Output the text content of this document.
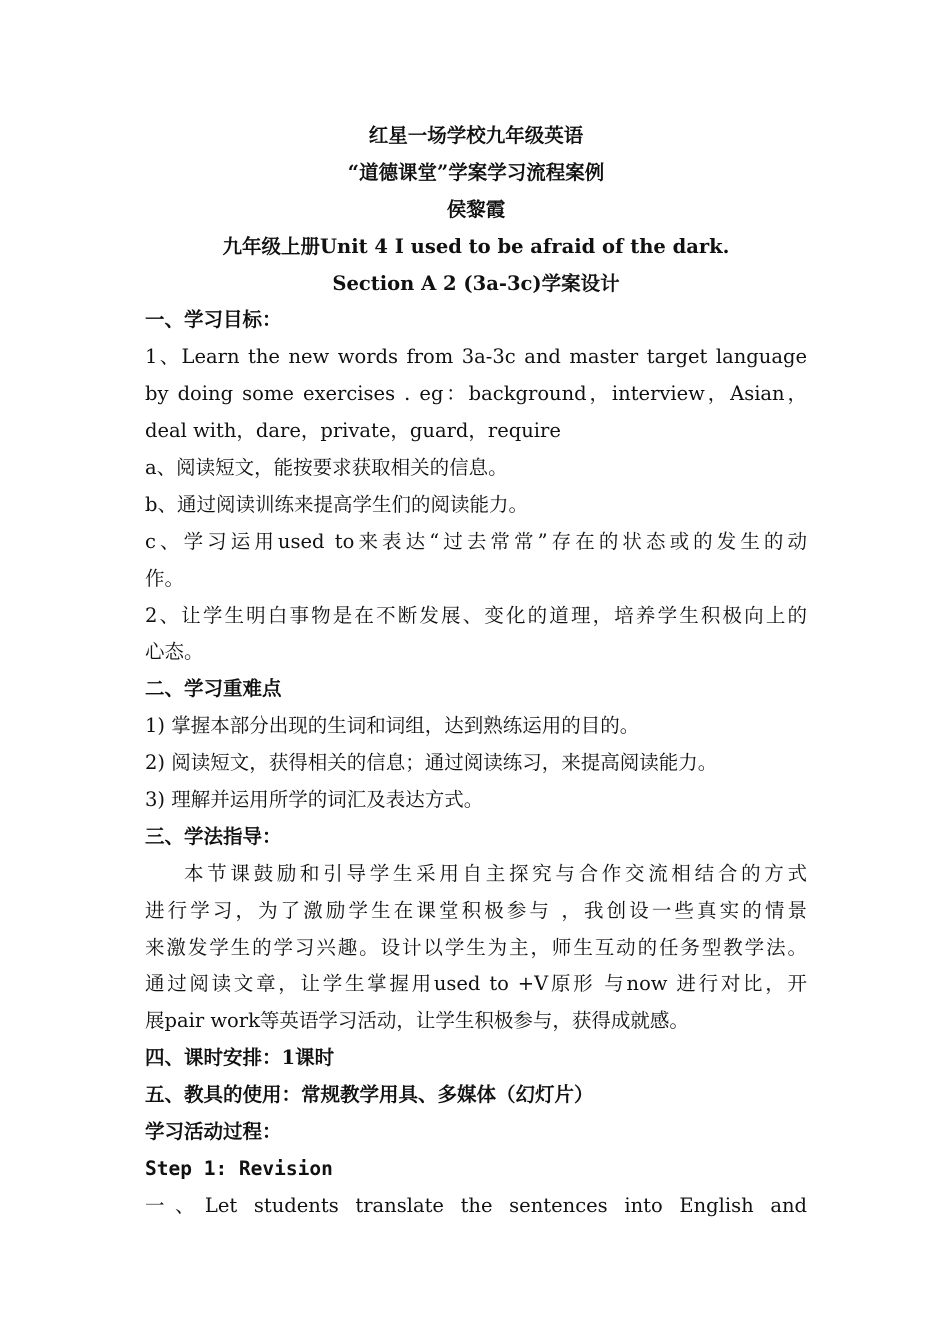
红星一场学校九年级英语
“道德课堂”学案学习流程案例
侯黎霞
九年级上册Unit 4 I used to be afraid of the dark.
Section A 2 (3a-3c)学案设计
一、学习目标：
1、Learn the new words from 3a-3c and master target language
by doing some exercises . eg：background，interview，Asian，
deal with，dare，private，guard，require
a、阅读短文，能按要求获取相关的信息。
b、通过阅读训练来提高学生们的阅读能力。
c、学习运用used to来表达“过去常常”存在的状态或的发生的动
作。
2、让学生明白事物是在不断发展、变化的道理，培养学生积极向上的
心态。
二、学习重难点
1) 掌握本部分出现的生词和词组，达到熟练运用的目的。
2) 阅读短文，获得相关的信息；通过阅读练习，来提高阅读能力。
3) 理解并运用所学的词汇及表达方式。
三、学法指导：
本节课鼓励和引导学生采用自主探究与合作交流相结合的方式
进行学习，为了激励学生在课堂积极参与 ，我创设一些真实的情景
来激发学生的学习兴趣。设计以学生为主，师生互动的任务型教学法。
通过阅读文章，让学生掌握用used to +V原形 与now 进行对比，开
展pair work等英语学习活动，让学生积极参与，获得成就感。
四、课时安排：1课时
五、教具的使用：常规教学用具、多媒体（幻灯片）
学习活动过程：
Step 1: Revision
一、Let students translate the sentences into English and
